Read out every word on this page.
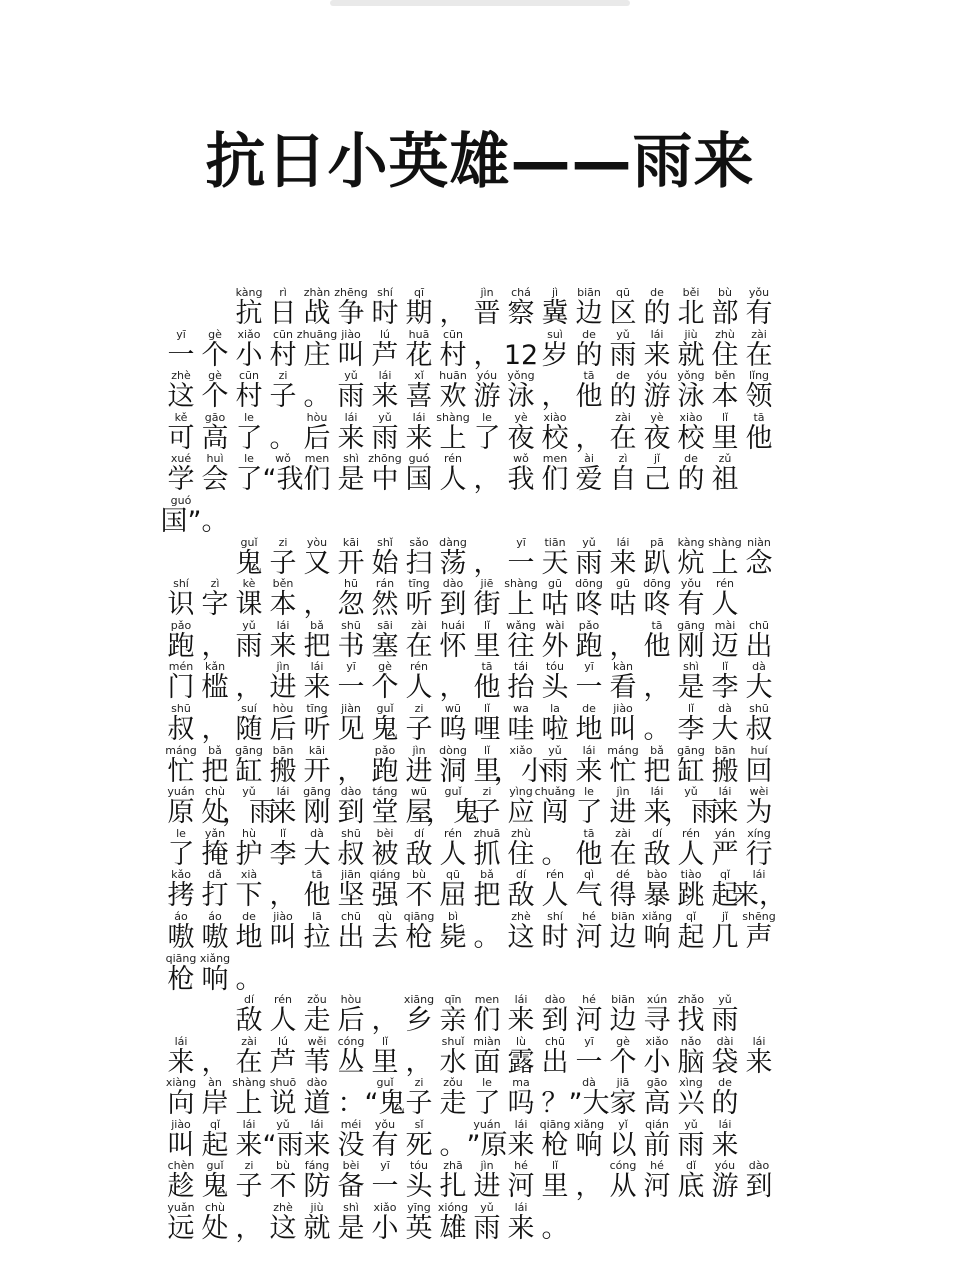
抗日小英雄——雨来
kàng
抗
rì
日
zhàn
战
zhēng
争
shí
时
qī
期 ，
jìn
晋
chá
察
jì
冀
biān
边
qū
区
de
的
běi
北
bù
部
yǒu
有
yī
一
gè
个
xiǎo
小
cūn
村
zhuāng
庄
jiào
叫
lú
芦
huā
花
cūn
村 ， 12
suì
岁
de
的
yǔ
雨
lái
来
jiù
就
zhù
住
zài
在
zhè
这
gè
个
cūn
村
zi
子 。
yǔ
雨
lái
来
xǐ
喜
huān
欢
yóu
游
yǒng
泳 ，
tā
他
de
的
yóu
游
yǒng
泳
běn
本
lǐng
领
kě
可
gāo
高
le
了 。
hòu
后
lái
来
yǔ
雨
lái
来
shàng
上
le
了
yè
夜
xiào
校 ，
zài
在
yè
夜
xiào
校
lǐ
里
tā
他
xué
学
huì
会
le
了
wǒ
“我
men
们
shì
是
zhōng
中
guó
国
rén
人 ，
wǒ
我
men
们
ài
爱
zì
自
jǐ
己
de
的
zǔ
祖
guó
国” 。
guǐ
鬼
zi
子
yòu
又
kāi
开
shǐ
始
sǎo
扫
dàng
荡 ，
yī
一
tiān
天
yǔ
雨
lái
来
pā
趴
kàng
炕
shàng
上
niàn
念
shí
识
zì
字
kè
课
běn
本 ，
hū
忽
rán
然
tīng
听
dào
到
jiē
街
shàng
上
gū
咕
dōng
咚
gū
咕
dōng
咚
yǒu
有
rén
人
pǎo
跑 ，
yǔ
雨
lái
来
bǎ
把
shū
书
sāi
塞
zài
在
huái
怀
lǐ
里
wǎng
往
wài
外
pǎo
跑 ，
tā
他
gāng
刚
mài
迈
chū
出
mén
门
kǎn
槛 ，
jìn
进
lái
来
yī
一
gè
个
rén
人 ，
tā
他
tái
抬
tóu
头
yī
一
kàn
看 ，
shì
是
lǐ
李
dà
大
shū
叔 ，
suí
随
hòu
后
tīng
听
jiàn
见
guǐ
鬼
zi
子
wū
呜
lǐ
哩
wa
哇
la
啦
de
地
jiào
叫 。
lǐ
李
dà
大
shū
叔
máng
忙
bǎ
把
gāng
缸
bān
搬
kāi
开 ，
pǎo
跑
jìn
进
dòng
洞
lǐ
里
xiǎo
，小
yǔ
雨
lái
来
máng
忙
bǎ
把
gāng
缸
bān
搬
huí
回
yuán
原
chù
处
yǔ
，雨
lái
来
gāng
刚
dào
到
táng
堂
wū
屋
guǐ
，鬼
zi
子
yìng
应
chuǎng
闯
le
了
jìn
进
lái
来
yǔ
，雨
lái
来
wèi
为
le
了
yǎn
掩
hù
护
lǐ
李
dà
大
shū
叔
bèi
被
dí
敌
rén
人
zhuā
抓
zhù
住 。
tā
他
zài
在
dí
敌
rén
人
yán
严
xíng
行
kǎo
拷
dǎ
打
xià
下 ，
tā
他
jiān
坚
qiáng
强
bù
不
qū
屈
bǎ
把
dí
敌
rén
人
qì
气
dé
得
bào
暴
tiào
跳
qǐ
起
lái
来，
áo
嗷
áo
嗷
de
地
jiào
叫
lā
拉
chū
出
qù
去
qiāng
枪
bì
毙 。
zhè
这
shí
时
hé
河
biān
边
xiǎng
响
qǐ
起
jǐ
几
shēng
声
qiāng
枪
xiǎng
响 。
dí
敌
rén
人
zǒu
走
hòu
后 ，
xiāng
乡
qīn
亲
men
们
lái
来
dào
到
hé
河
biān
边
xún
寻
zhǎo
找
yǔ
雨
lái
来 ，
zài
在
lú
芦
wěi
苇
cóng
丛
lǐ
里 ，
shuǐ
水
miàn
面
lù
露
chū
出
yī
一
gè
个
xiǎo
小
nǎo
脑
dài
袋
lái
来
xiàng
向
àn
岸
shàng
上
shuō
说
dào
道 ：
guǐ
“鬼
zi
子
zǒu
走
le
了
ma
吗 ？
dà
”大
jiā
家
gāo
高
xìng
兴
de
的
jiào
叫
qǐ
起
lái
来
yǔ
“雨
lái
来
méi
没
yǒu
有
sǐ
死 。
yuán
”原
lái
来
qiāng
枪
xiǎng
响
yǐ
以
qián
前
yǔ
雨
lái
来
chèn
趁
guǐ
鬼
zi
子
bù
不
fáng
防
bèi
备
yī
一
tóu
头
zhā
扎
jìn
进
hé
河
lǐ
里 ，
cóng
从
hé
河
dǐ
底
yóu
游
dào
到
yuǎn
远
chù
处 ，
zhè
这
jiù
就
shì
是
xiǎo
小
yīng
英
xióng
雄
yǔ
雨
lái
来 。
